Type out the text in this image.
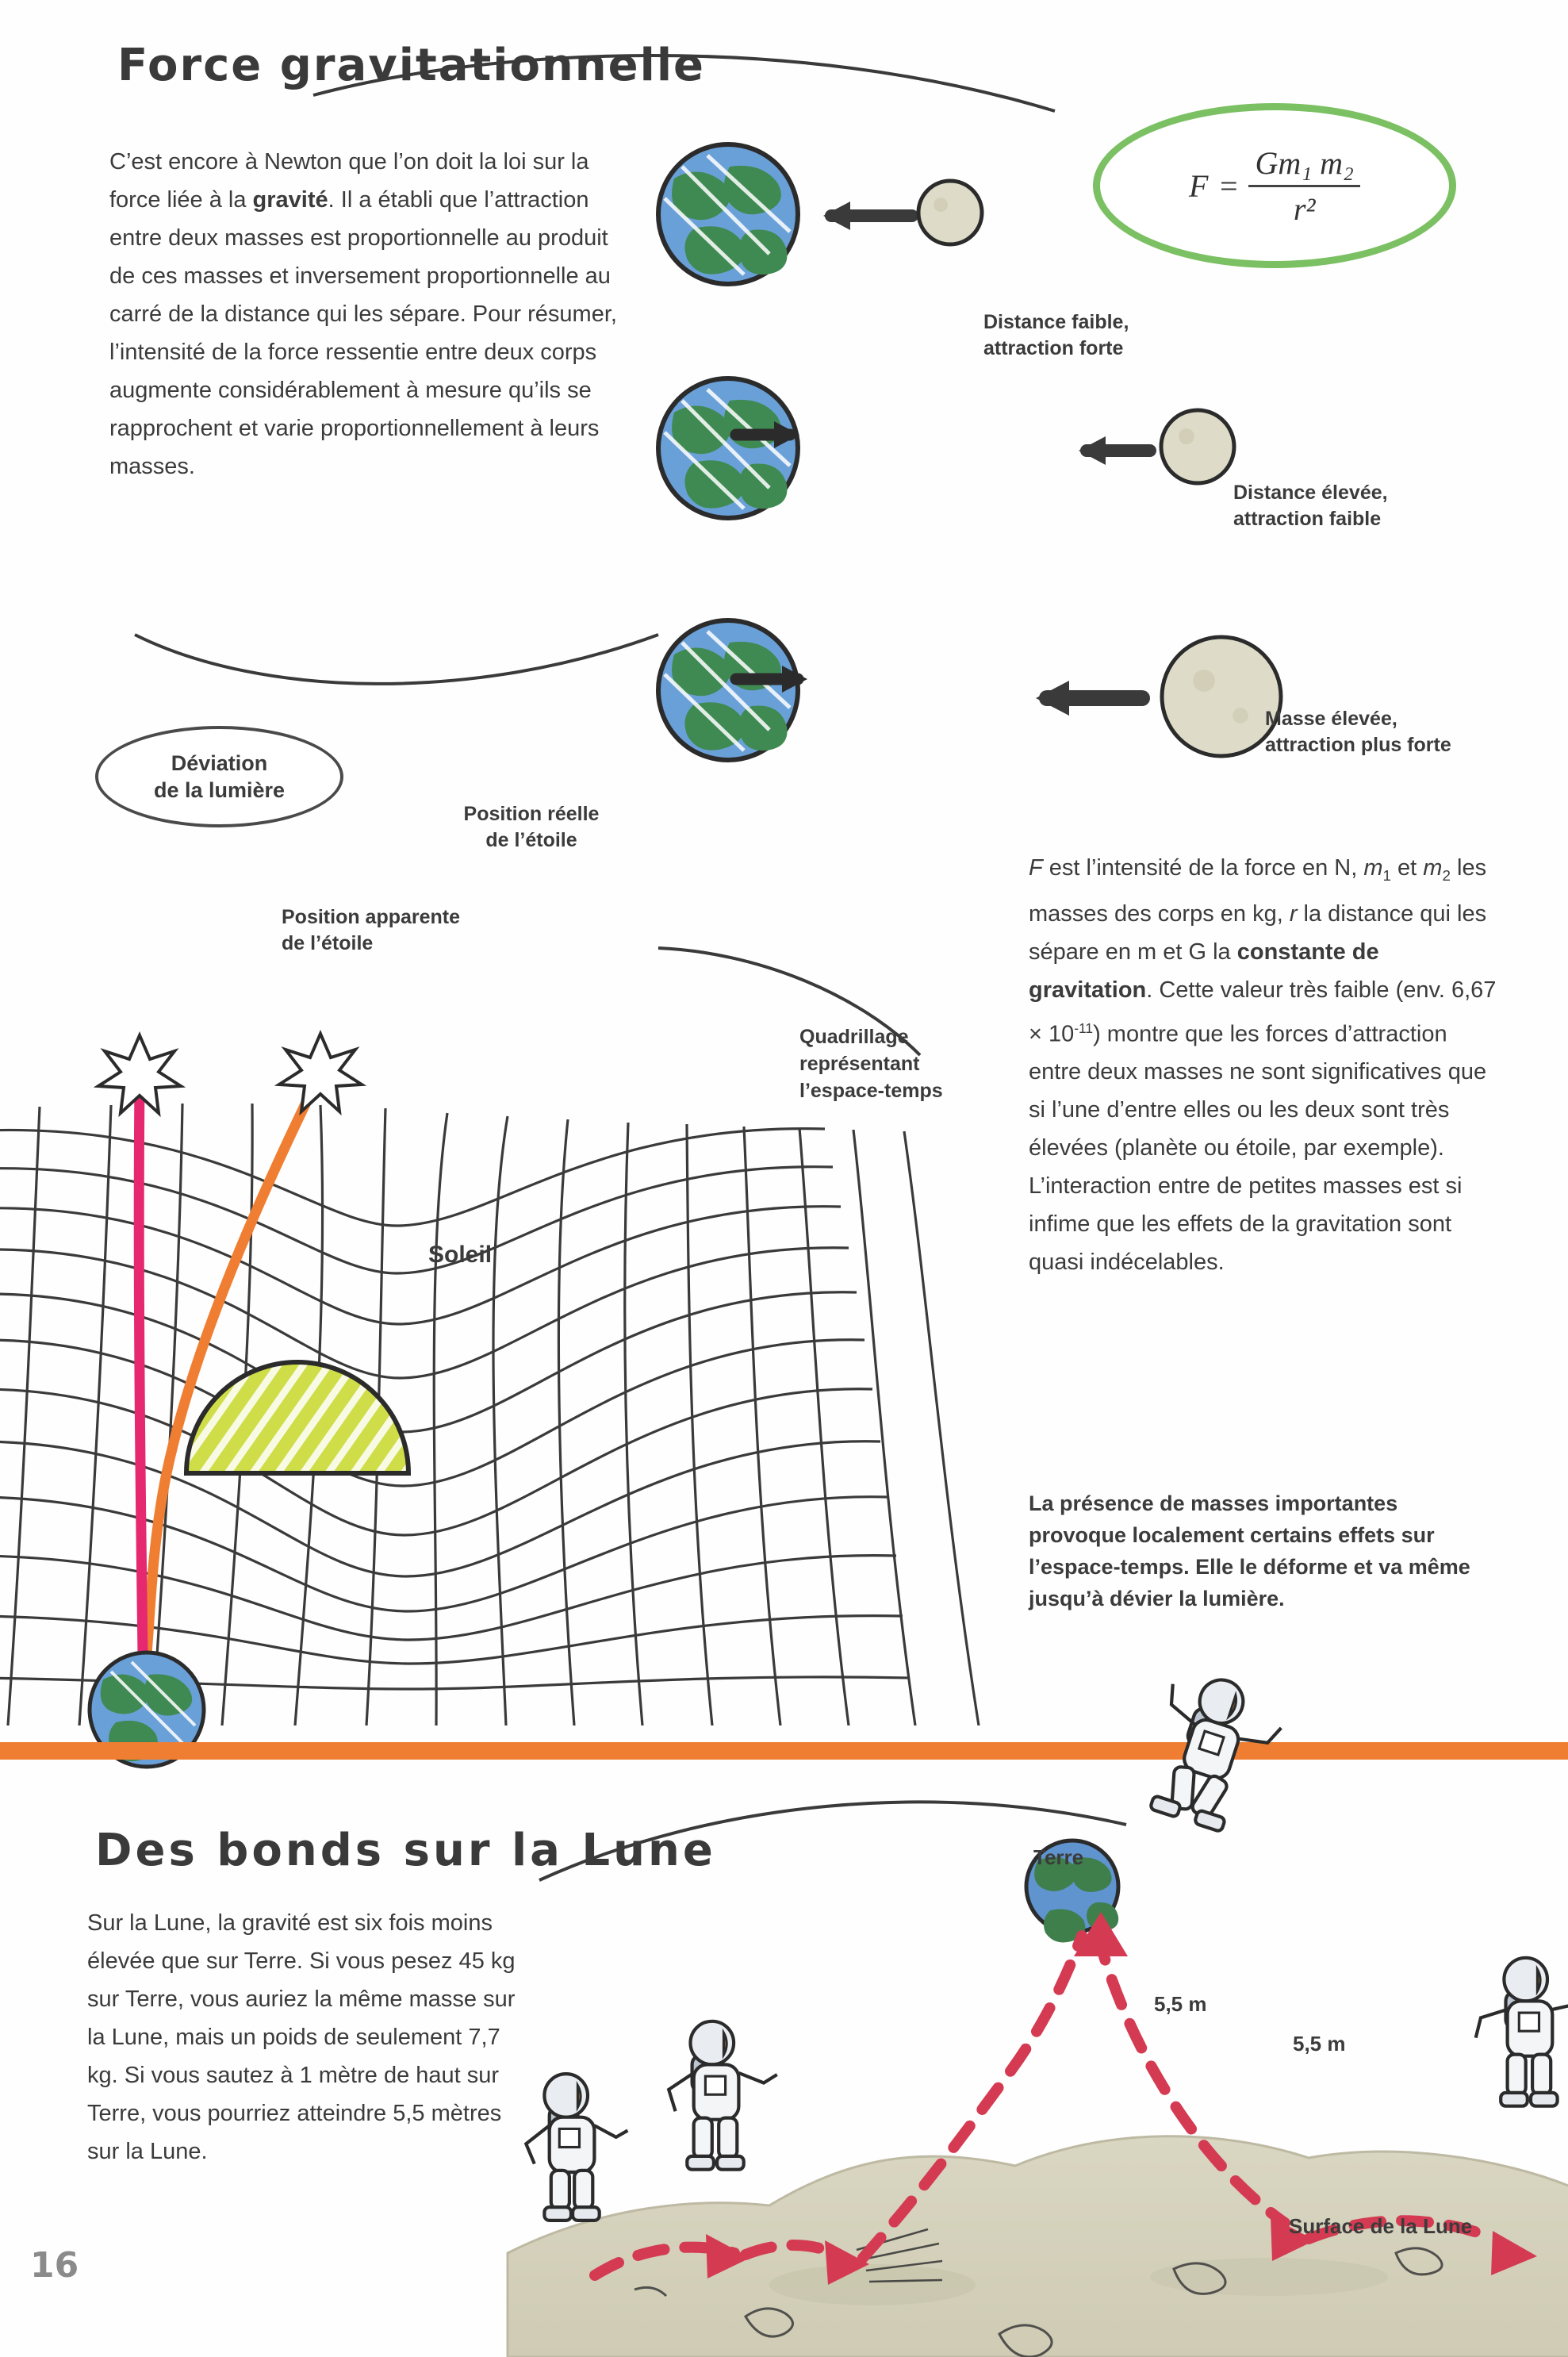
Force gravitationnelle
C’est encore à Newton que l’on doit la loi sur la force liée à la gravité. Il a établi que l’attraction entre deux masses est proportionnelle au produit de ces masses et inversement proportionnelle au carré de la distance qui les sépare. Pour résumer, l’intensité de la force ressentie entre deux corps augmente considérablement à mesure qu’ils se rapprochent et varie proportionnellement à leurs masses.
$F = \frac{\text{Gm₁ m₂}}{\text{r²}}$
Distance faible,
attraction forte
Distance élevée,
attraction faible
Masse élevée,
attraction plus forte
Déviation
de la lumière
Position réelle
de l’étoile
Position apparente
de l’étoile
Quadrillage
représentant
l’espace-temps
Soleil
F est l’intensité de la force en N, $m_1$ et $m_2$ les masses des corps en kg, r la distance qui les sépare en m et G la constante de gravitation. Cette valeur très faible (env. $6,67 \times 10^{-11}$) montre que les forces d’attraction entre deux masses ne sont significatives que si l’une d’entre elles ou les deux sont très élevées (planète ou étoile, par exemple). L’interaction entre de petites masses est si infime que les effets de la gravitation sont quasi indécelables.
La présence de masses importantes provoque localement certains effets sur l’espace-temps. Elle le déforme et va même jusqu’à dévier la lumière.
Des bonds sur la Lune
Sur la Lune, la gravité est six fois moins élevée que sur Terre. Si vous pesez 45 kg sur Terre, vous auriez la même masse sur la Lune, mais un poids de seulement 7,7 kg. Si vous sautez à 1 mètre de haut sur Terre, vous pourriez atteindre 5,5 mètres sur la Lune.
Terre
5,5 m
5,5 m
Surface de la Lune
16
